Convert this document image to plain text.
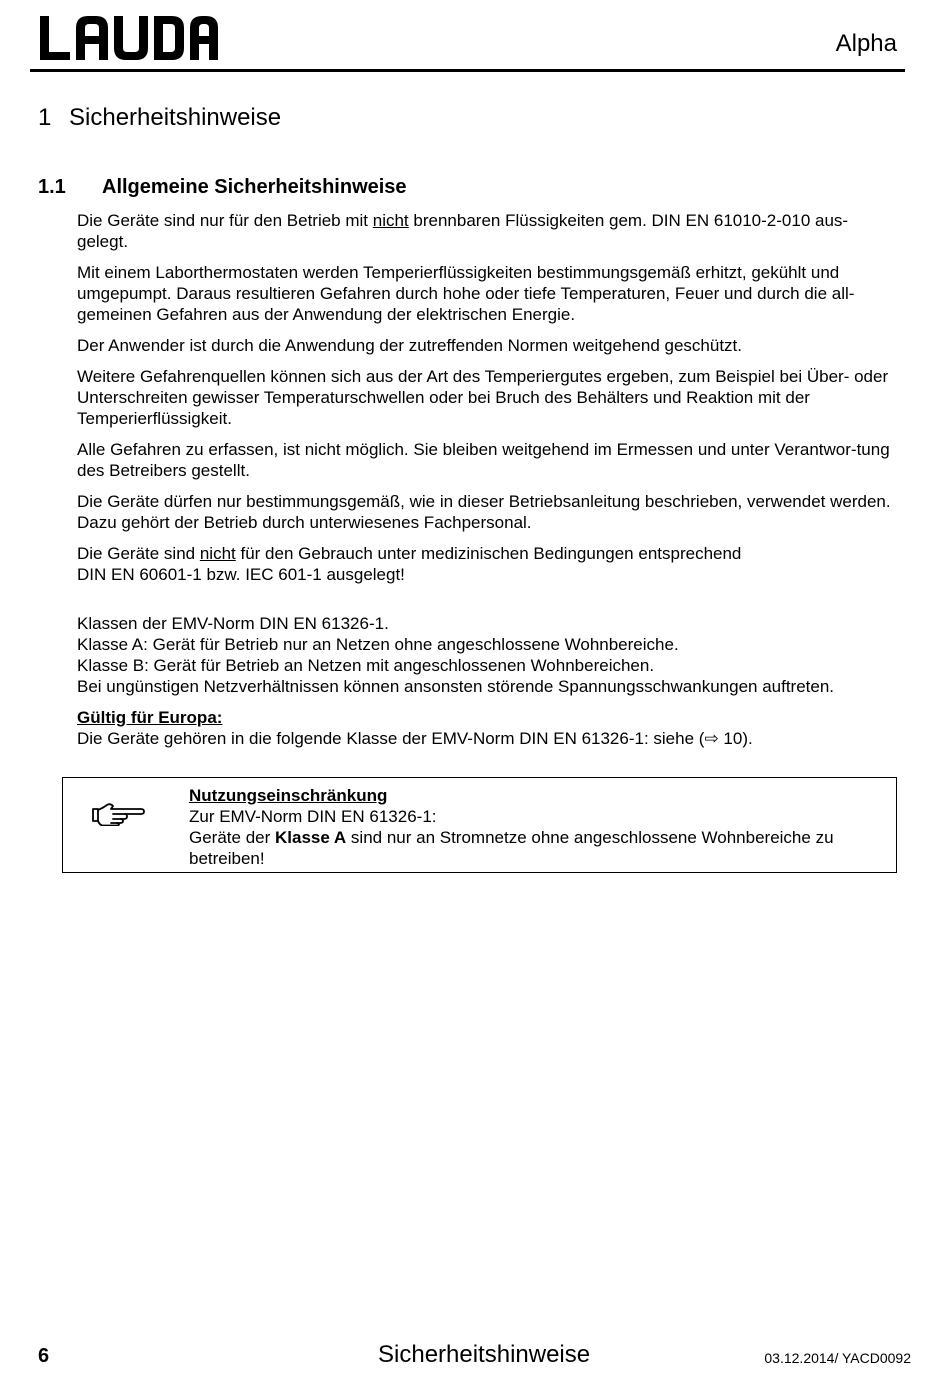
Alpha
1 Sicherheitshinweise
1.1 Allgemeine Sicherheitshinweise

Die Geräte sind nur für den Betrieb mit nicht brennbaren Flüssigkeiten gem. DIN EN 61010-2-010 aus-gelegt.

Mit einem Laborthermostaten werden Temperierflüssigkeiten bestimmungsgemäß erhitzt, gekühlt und umgepumpt. Daraus resultieren Gefahren durch hohe oder tiefe Temperaturen, Feuer und durch die all-gemeinen Gefahren aus der Anwendung der elektrischen Energie.

Der Anwender ist durch die Anwendung der zutreffenden Normen weitgehend geschützt.

Weitere Gefahrenquellen können sich aus der Art des Temperiergutes ergeben, zum Beispiel bei Über- oder Unterschreiten gewisser Temperaturschwellen oder bei Bruch des Behälters und Reaktion mit der Temperierflüssigkeit.

Alle Gefahren zu erfassen, ist nicht möglich. Sie bleiben weitgehend im Ermessen und unter Verantwor-tung des Betreibers gestellt.

Die Geräte dürfen nur bestimmungsgemäß, wie in dieser Betriebsanleitung beschrieben, verwendet werden. Dazu gehört der Betrieb durch unterwiesenes Fachpersonal.

Die Geräte sind nicht für den Gebrauch unter medizinischen Bedingungen entsprechend
DIN EN 60601-1 bzw. IEC 601-1 ausgelegt!

Klassen der EMV-Norm DIN EN 61326-1.
Klasse A: Gerät für Betrieb nur an Netzen ohne angeschlossene Wohnbereiche.
Klasse B: Gerät für Betrieb an Netzen mit angeschlossenen Wohnbereichen.
Bei ungünstigen Netzverhältnissen können ansonsten störende Spannungsschwankungen auftreten.

Gültig für Europa:
Die Geräte gehören in die folgende Klasse der EMV-Norm DIN EN 61326-1: siehe (⇨ 10).

Nutzungseinschränkung
Zur EMV-Norm DIN EN 61326-1:
Geräte der Klasse A sind nur an Stromnetze ohne angeschlossene Wohnbereiche zu betreiben!
6	Sicherheitshinweise	03.12.2014/ YACD0092
